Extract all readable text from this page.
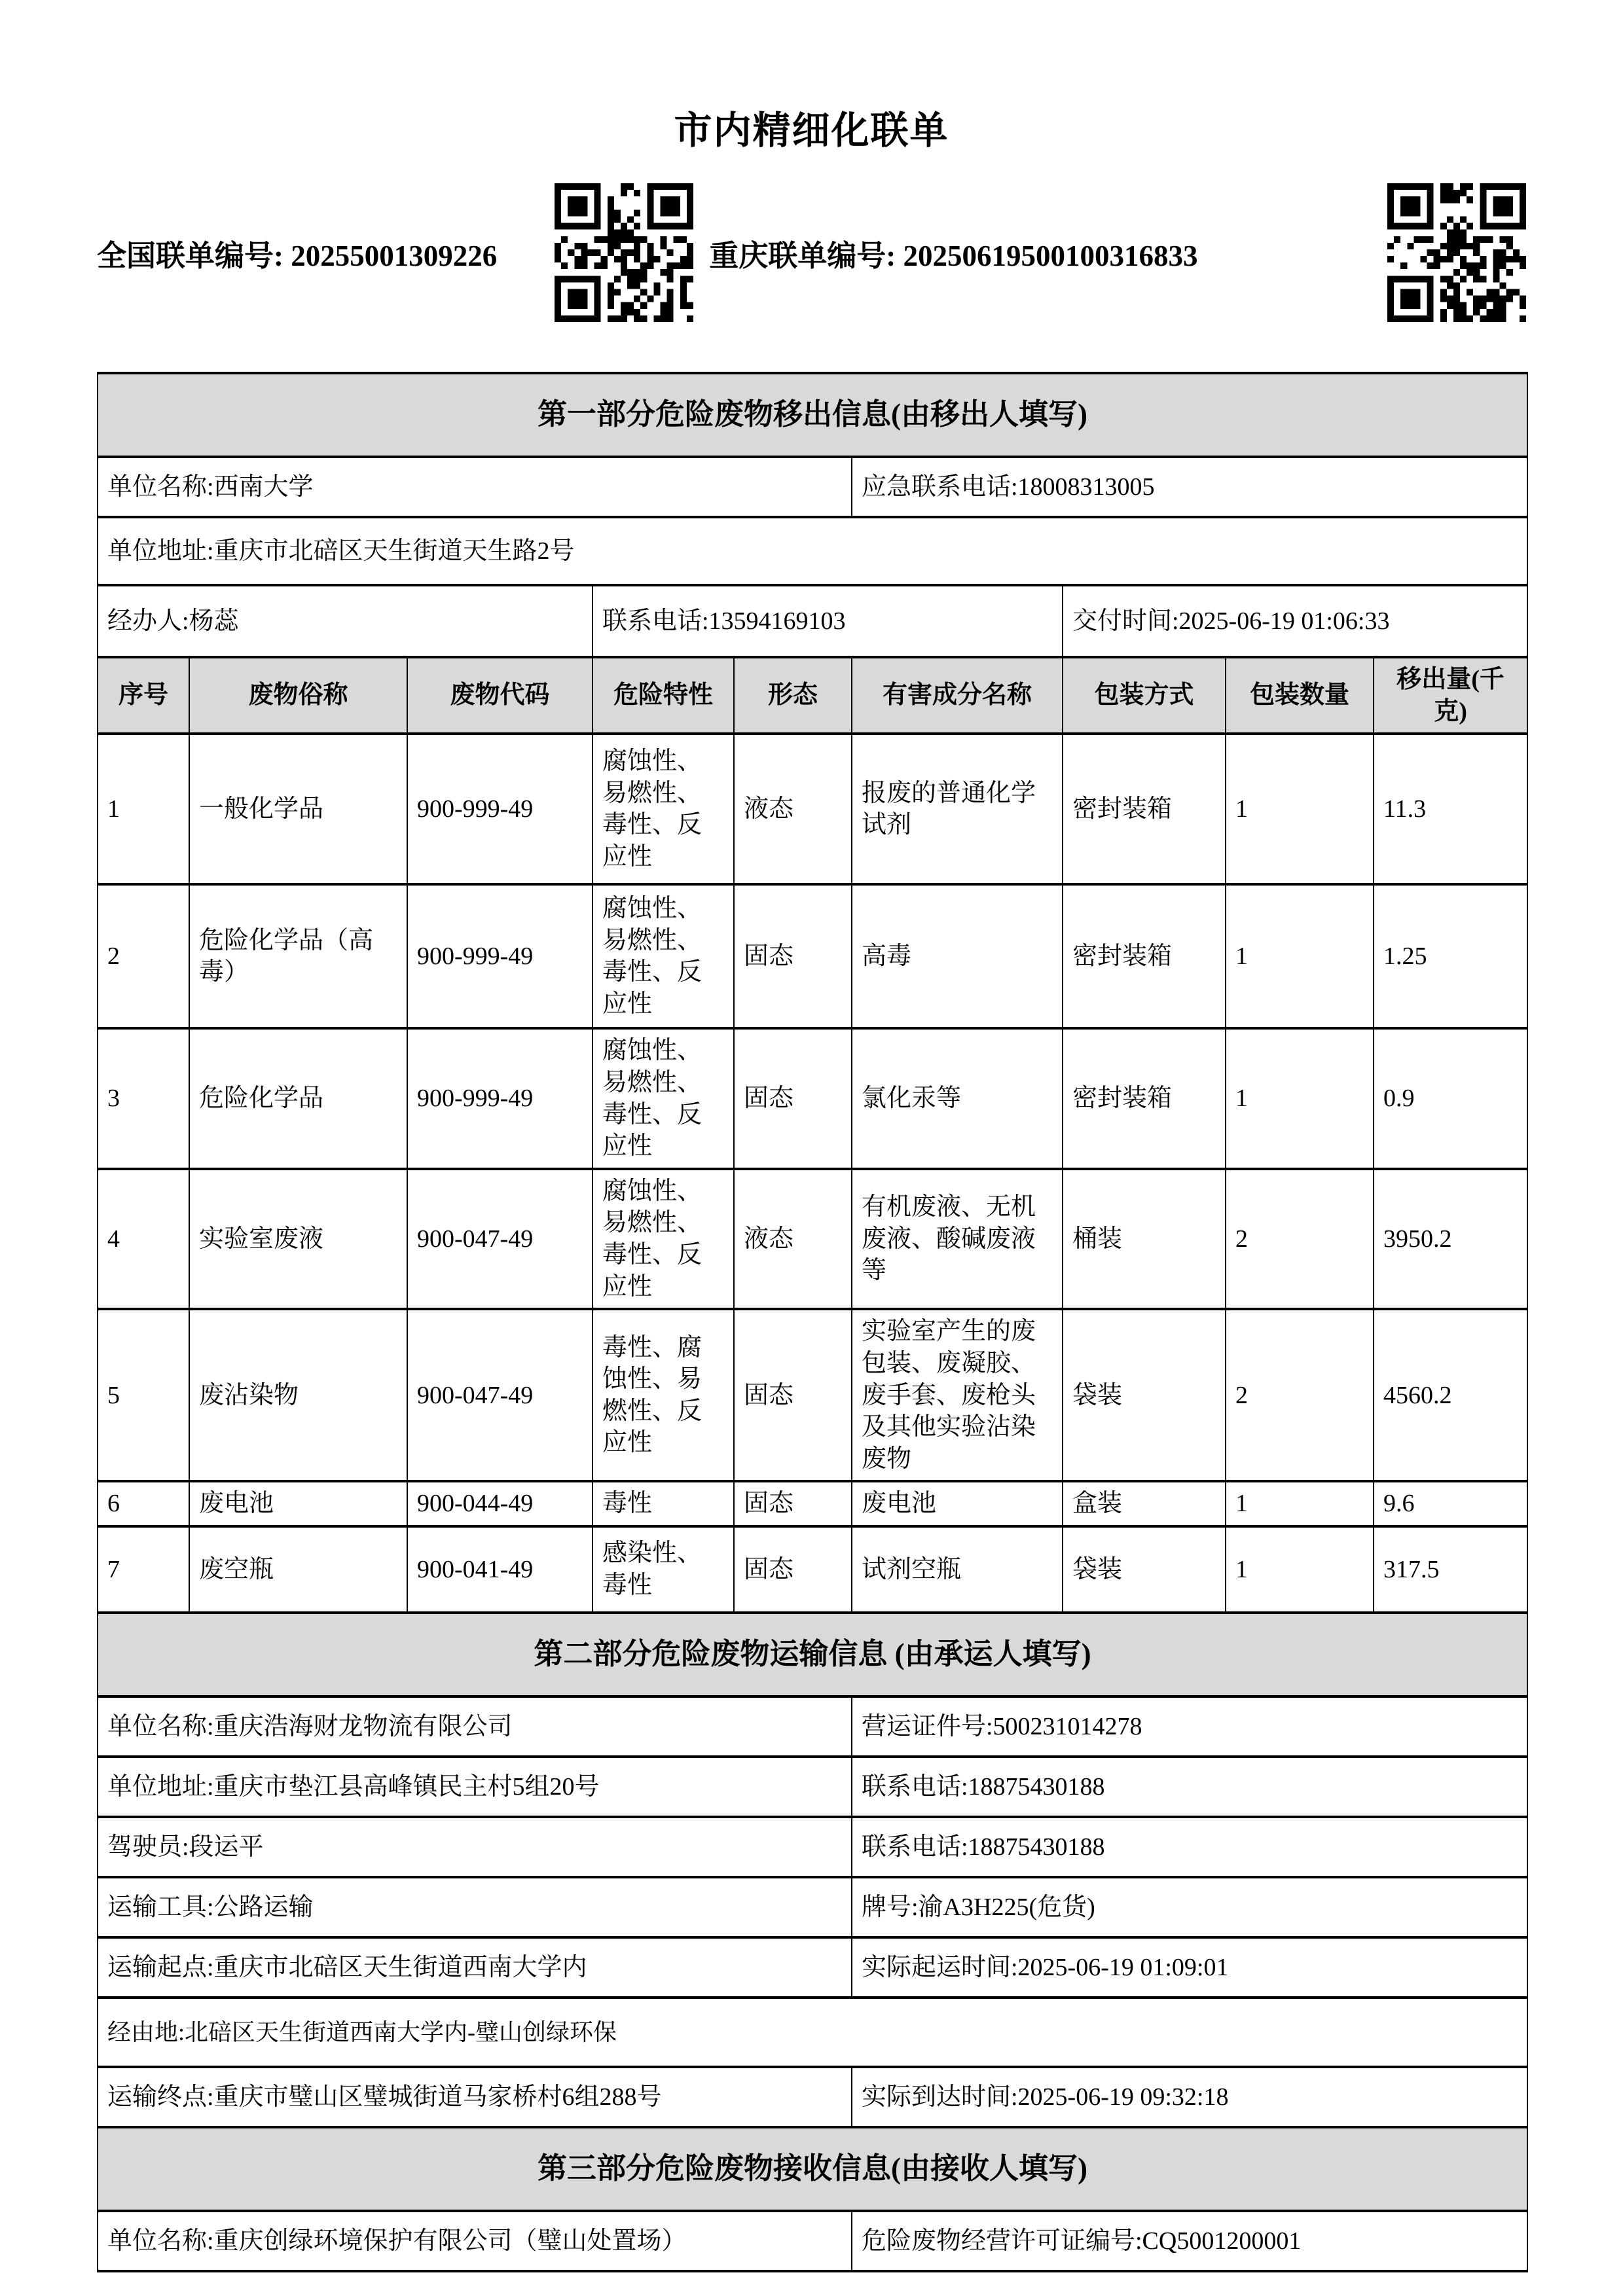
市内精细化联单
全国联单编号: 20255001309226	重庆联单编号: 20250619500100316833
第一部分危险废物移出信息(由移出人填写)								
单位名称:西南大学					应急联系电话:18008313005			
单位地址:重庆市北碚区天生街道天生路2号								
经办人:杨蕊			联系电话:13594169103			交付时间:2025-06-19 01:06:33		
序号	废物俗称	废物代码	危险特性	形态	有害成分名称	包装方式	包装数量	移出量(千克)
1	一般化学品	900-999-49	腐蚀性、易燃性、毒性、反应性	液态	报废的普通化学试剂	密封装箱	1	11.3
2	危险化学品（高毒）	900-999-49	腐蚀性、易燃性、毒性、反应性	固态	高毒	密封装箱	1	1.25
3	危险化学品	900-999-49	腐蚀性、易燃性、毒性、反应性	固态	氯化汞等	密封装箱	1	0.9
4	实验室废液	900-047-49	腐蚀性、易燃性、毒性、反应性	液态	有机废液、无机废液、酸碱废液等	桶装	2	3950.2
5	废沾染物	900-047-49	毒性、腐蚀性、易燃性、反应性	固态	实验室产生的废包装、废凝胶、废手套、废枪头及其他实验沾染废物	袋装	2	4560.2
6	废电池	900-044-49	毒性	固态	废电池	盒装	1	9.6
7	废空瓶	900-041-49	感染性、毒性	固态	试剂空瓶	袋装	1	317.5
第二部分危险废物运输信息 (由承运人填写)								
单位名称:重庆浩海财龙物流有限公司					营运证件号:500231014278			
单位地址:重庆市垫江县高峰镇民主村5组20号					联系电话:18875430188			
驾驶员:段运平					联系电话:18875430188			
运输工具:公路运输					牌号:渝A3H225(危货)			
运输起点:重庆市北碚区天生街道西南大学内					实际起运时间:2025-06-19 01:09:01			
经由地:北碚区天生街道西南大学内-璧山创绿环保								
运输终点:重庆市璧山区璧城街道马家桥村6组288号					实际到达时间:2025-06-19 09:32:18			
第三部分危险废物接收信息(由接收人填写)								
单位名称:重庆创绿环境保护有限公司（璧山处置场）					危险废物经营许可证编号:CQ5001200001			
